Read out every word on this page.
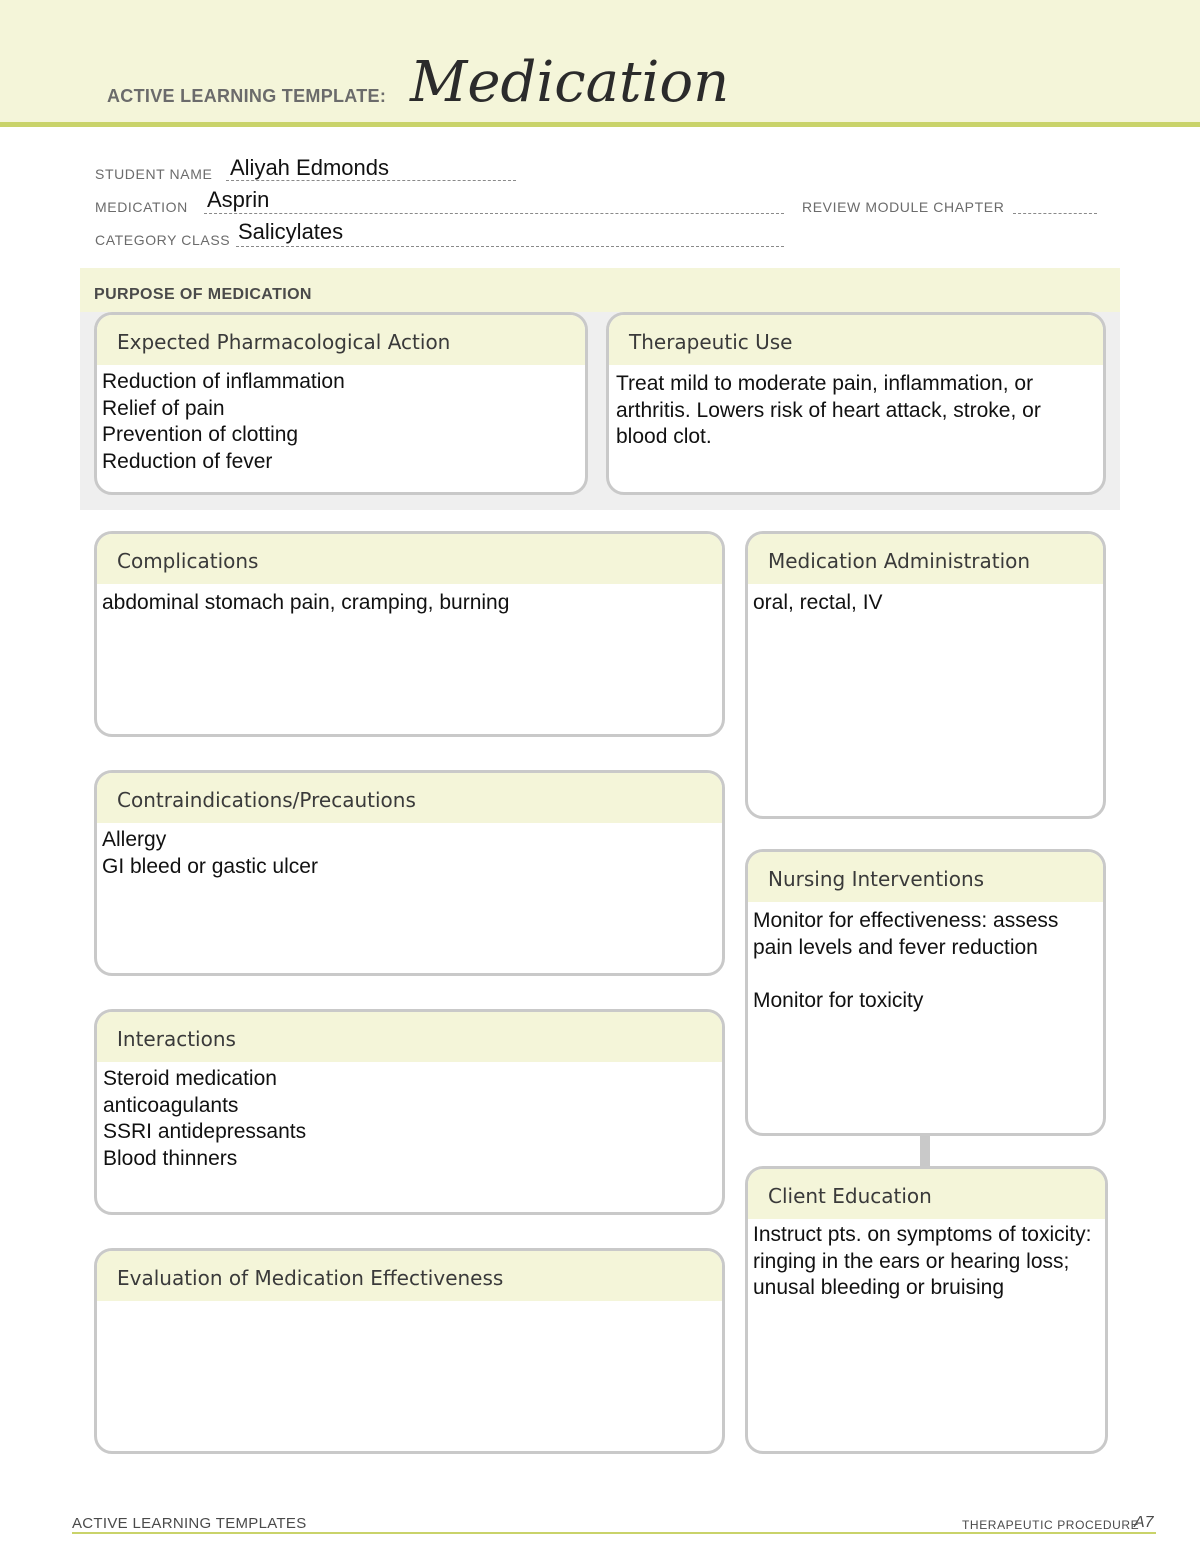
ACTIVE LEARNING TEMPLATE: Medication
STUDENT NAME Aliyah Edmonds
MEDICATION Asprin	REVIEW MODULE CHAPTER
CATEGORY CLASS Salicylates
PURPOSE OF MEDICATION
Expected Pharmacological Action
Reduction of inflammation
Relief of pain
Prevention of clotting
Reduction of fever
Therapeutic Use
Treat mild to moderate pain, inflammation, or arthritis. Lowers risk of heart attack, stroke, or blood clot.
Complications
abdominal stomach pain, cramping, burning
Contraindications/Precautions
Allergy
GI bleed or gastic ulcer
Interactions
Steroid medication
anticoagulants
SSRI antidepressants
Blood thinners
Evaluation of Medication Effectiveness
Medication Administration
oral, rectal, IV
Nursing Interventions
Monitor for effectiveness: assess pain levels and fever reduction

Monitor for toxicity
Client Education
Instruct pts. on symptoms of toxicity: ringing in the ears or hearing loss; unusal bleeding or bruising
ACTIVE LEARNING TEMPLATES	THERAPEUTIC PROCEDURE
A7
